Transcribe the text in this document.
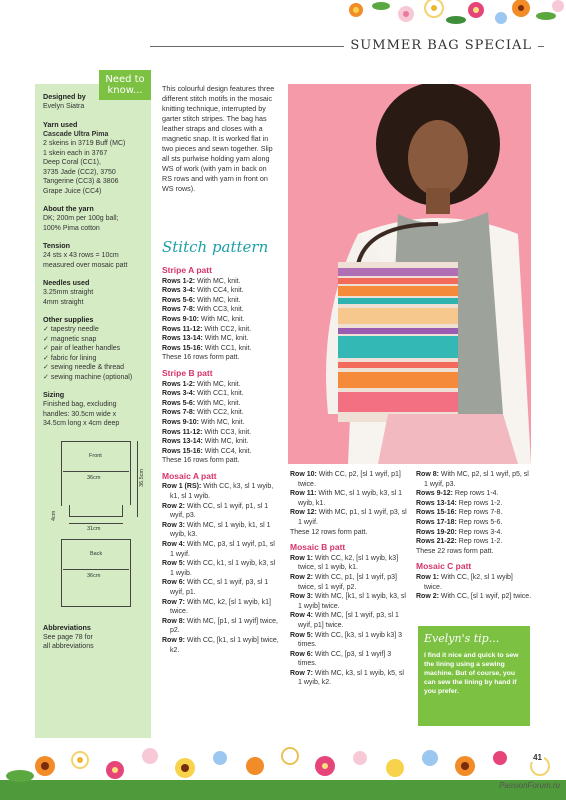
SUMMER BAG SPECIAL
Designed by

Evelyn Siatra

Yarn used

Cascade Ultra Pima

2 skeins in 3719 Buff (MC)

1 skein each in 3767

Deep Coral (CC1),

3735 Jade (CC2), 3750

Tangerine (CC3) & 3806

Grape Juice (CC4)

About the yarn

DK; 200m per 100g ball;

100% Pima cotton

Tension

24 sts x 43 rows = 10cm

measured over mosaic patt

Needles used

3.25mm straight

4mm straight

Other supplies
✓ tapestry needle
✓ magnetic snap
✓ pair of leather handles
✓ fabric for lining
✓ sewing needle & thread
✓ sewing machine (optional)
Sizing

Finished bag, excluding

handles: 30.5cm wide x

34.5cm long x 4cm deep

Front
36cm	36.5cm
4cm
31cm
Back
36cm
Abbreviations

See page 78 for

all abbreviations

Need to know...	This colourful design features three different stitch motifs in the mosaic knitting technique, interrupted by garter stitch stripes. The bag has leather straps and closes with a magnetic snap. It is worked flat in two pieces and sewn together. Slip all sts purlwise holding yarn along WS of work (with yarn in back on RS rows and with yarn in front on WS rows).
Stitch pattern
Stripe A patt
Rows 1-2: With MC, knit.
Rows 3-4: With CC4, knit.
Rows 5-6: With MC, knit.
Rows 7-8: With CC3, knit.
Rows 9-10: With MC, knit.
Rows 11-12: With CC2, knit.
Rows 13-14: With MC, knit.
Rows 15-16: With CC1, knit.
These 16 rows form patt.
Stripe B patt
Rows 1-2: With MC, knit.
Rows 3-4: With CC1, knit.
Rows 5-6: With MC, knit.
Rows 7-8: With CC2, knit.
Rows 9-10: With MC, knit.
Rows 11-12: With CC3, knit.
Rows 13-14: With MC, knit.
Rows 15-16: With CC4, knit.
These 16 rows form patt.
Mosaic A patt
Row 1 (RS): With CC, k3, sl 1 wyib, k1, sl 1 wyib.
Row 2: With CC, sl 1 wyif, p1, sl 1 wyif, p3.
Row 3: With MC, sl 1 wyib, k1, sl 1 wyib, k3.
Row 4: With MC, p3, sl 1 wyif, p1, sl 1 wyif.
Row 5: With CC, k1, sl 1 wyib, k3, sl 1 wyib.
Row 6: With CC, sl 1 wyif, p3, sl 1 wyif, p1.
Row 7: With MC, k2, [sl 1 wyib, k1] twice.
Row 8: With MC, [p1, sl 1 wyif] twice, p2.
Row 9: With CC, [k1, sl 1 wyib] twice, k2.
Row 10: With CC, p2, [sl 1 wyif, p1] twice.
Row 11: With MC, sl 1 wyib, k3, sl 1 wyib, k1.
Row 12: With MC, p1, sl 1 wyif, p3, sl 1 wyif.
These 12 rows form patt.
Mosaic B patt
Row 1: With CC, k2, [sl 1 wyib, k3] twice, sl 1 wyib, k1.
Row 2: With CC, p1, [sl 1 wyif, p3] twice, sl 1 wyif, p2.
Row 3: With MC, [k1, sl 1 wyib, k3, sl 1 wyib] twice.
Row 4: With MC, [sl 1 wyif, p3, sl 1 wyif, p1] twice.
Row 5: With CC, [k3, sl 1 wyib k3] 3 times.
Row 6: With CC, [p3, sl 1 wyif] 3 times.
Row 7: With MC, k3, sl 1 wyib, k5, sl 1 wyib, k2.
Row 8: With MC, p2, sl 1 wyif, p5, sl 1 wyif, p3.
Rows 9-12: Rep rows 1-4.
Rows 13-14: Rep rows 1-2.
Rows 15-16: Rep rows 7-8.
Rows 17-18: Rep rows 5-6.
Rows 19-20: Rep rows 3-4.
Rows 21-22: Rep rows 1-2.
These 22 rows form patt.
Mosaic C patt
Row 1: With CC, [k2, sl 1 wyib] twice.
Row 2: With CC, [sl 1 wyif, p2] twice.
Evelyn's tip...
I find it nice and quick to sew the lining using a sewing machine. But of course, you can sew the lining by hand if you prefer.
41
PassionForum.ru
